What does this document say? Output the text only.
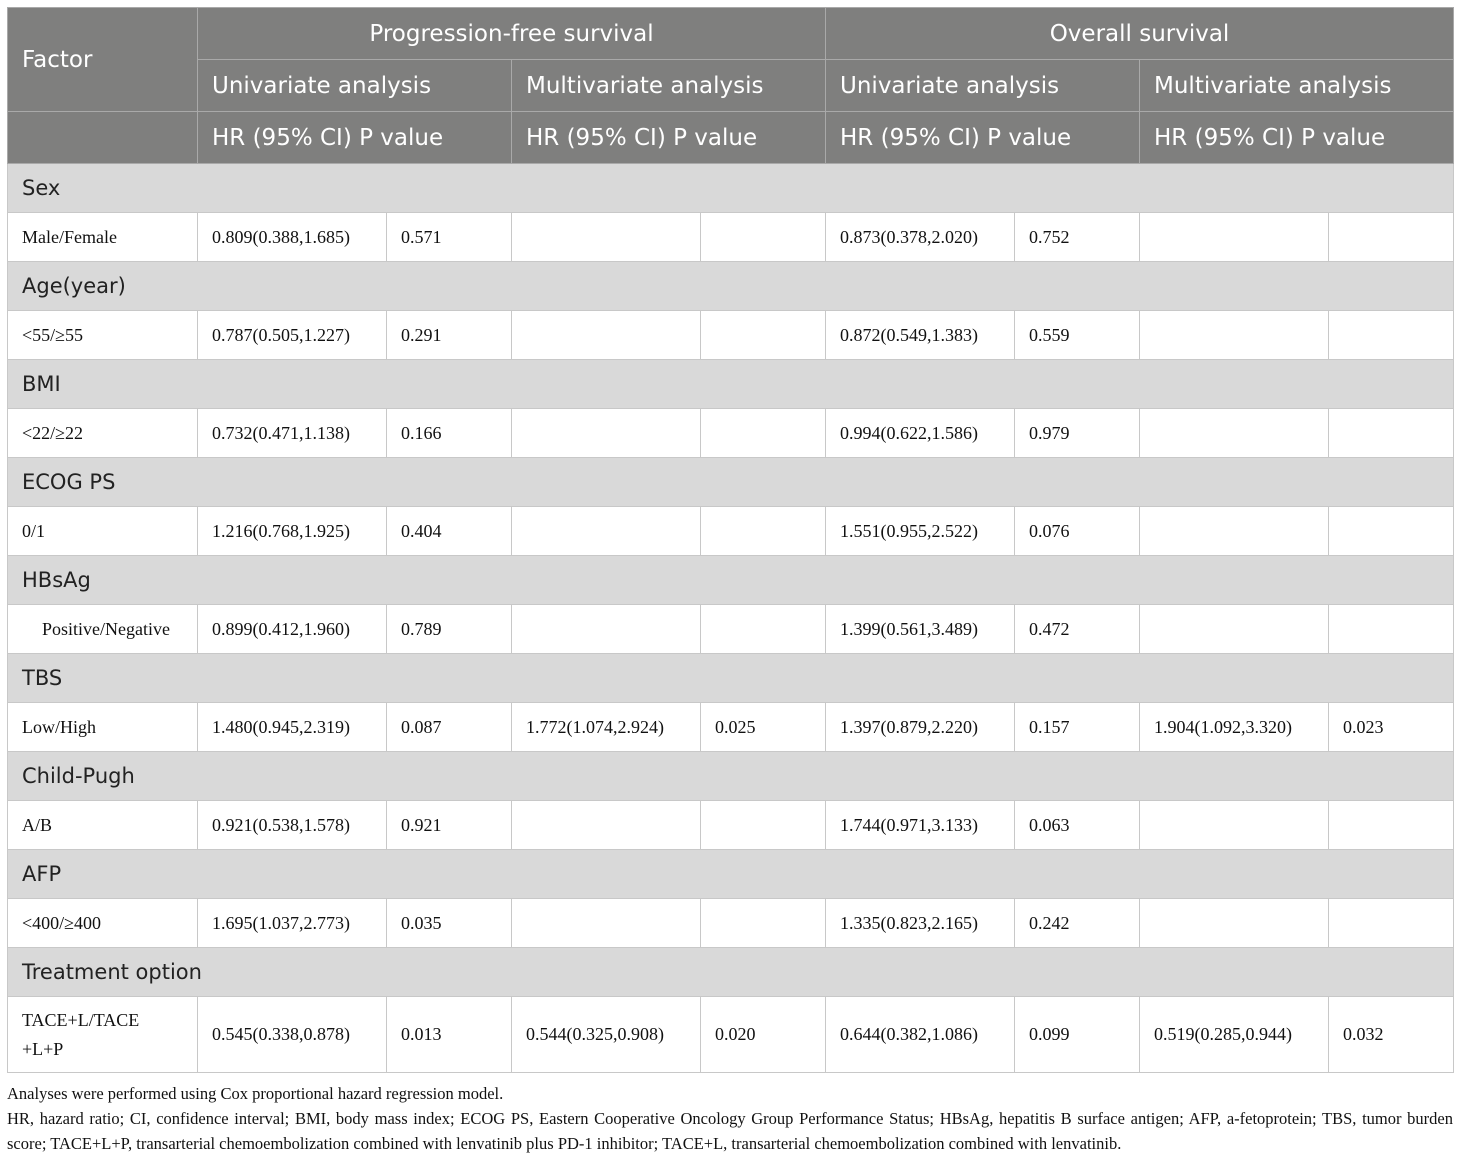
Factor	Progression-free survival				Overall survival			
	Univariate analysis		Multivariate analysis		Univariate analysis		Multivariate analysis	
	HR (95% CI) P value		HR (95% CI) P value		HR (95% CI) P value		HR (95% CI) P value	
Sex								
Male/Female	0.809(0.388,1.685)	0.571			0.873(0.378,2.020)	0.752		
Age(year)								
<55/≥55	0.787(0.505,1.227)	0.291			0.872(0.549,1.383)	0.559		
BMI								
<22/≥22	0.732(0.471,1.138)	0.166			0.994(0.622,1.586)	0.979		
ECOG PS								
0/1	1.216(0.768,1.925)	0.404			1.551(0.955,2.522)	0.076		
HBsAg								
Positive/Negative	0.899(0.412,1.960)	0.789			1.399(0.561,3.489)	0.472		
TBS								
Low/High	1.480(0.945,2.319)	0.087	1.772(1.074,2.924)	0.025	1.397(0.879,2.220)	0.157	1.904(1.092,3.320)	0.023
Child-Pugh								
A/B	0.921(0.538,1.578)	0.921			1.744(0.971,3.133)	0.063		
AFP								
<400/≥400	1.695(1.037,2.773)	0.035			1.335(0.823,2.165)	0.242		
Treatment option								
TACE+L/TACE +L+P	0.545(0.338,0.878)	0.013	0.544(0.325,0.908)	0.020	0.644(0.382,1.086)	0.099	0.519(0.285,0.944)	0.032

Analyses were performed using Cox proportional hazard regression model.

HR, hazard ratio; CI, confidence interval; BMI, body mass index; ECOG PS, Eastern Cooperative Oncology Group Performance Status; HBsAg, hepatitis B surface antigen; AFP, a-fetoprotein; TBS, tumor burden score; TACE+L+P, transarterial chemoembolization combined with lenvatinib plus PD-1 inhibitor; TACE+L, transarterial chemoembolization combined with lenvatinib.
